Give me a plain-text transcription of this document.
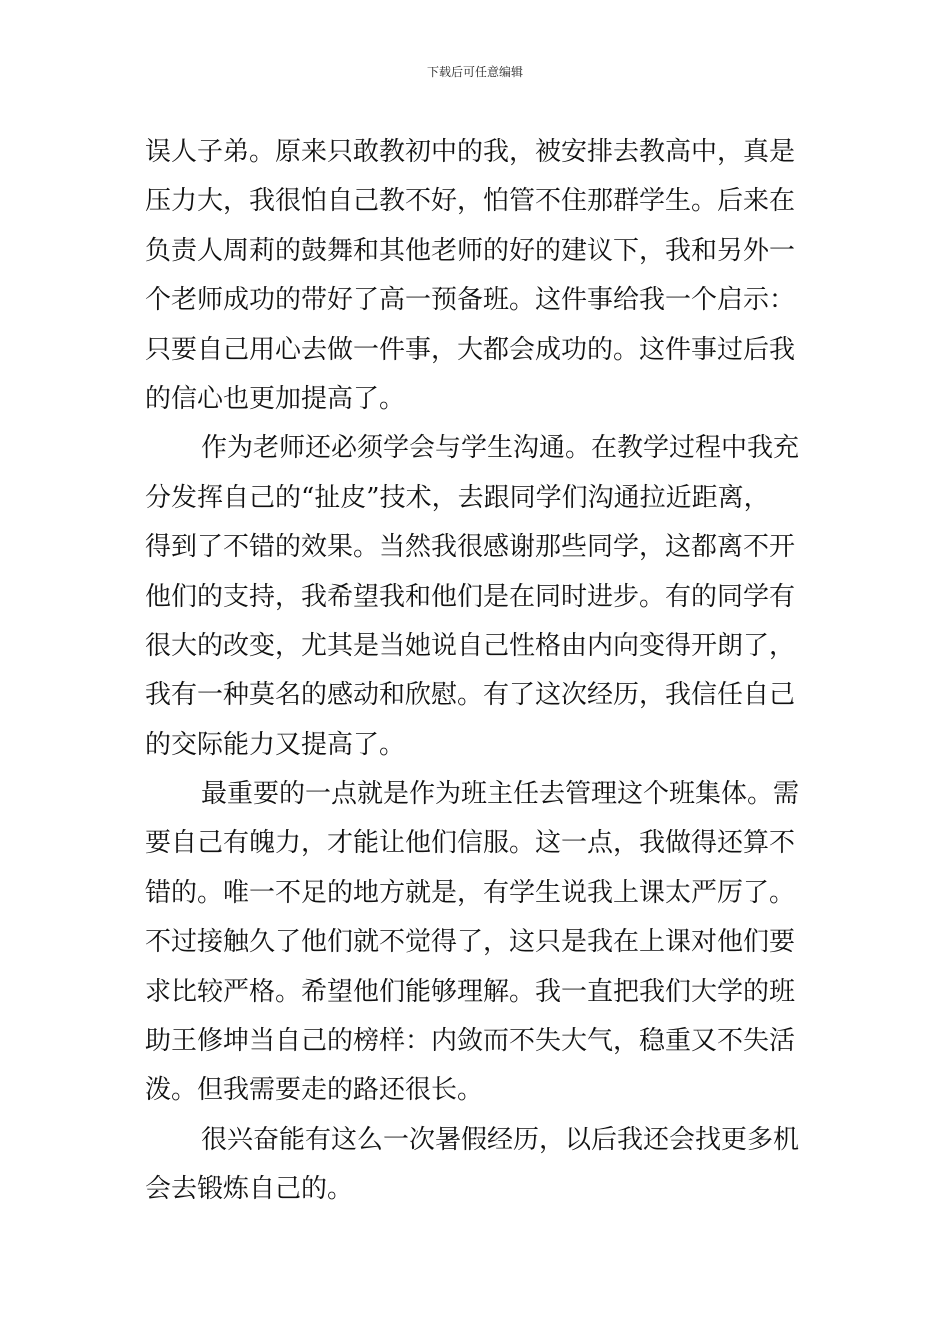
下载后可任意编辑
误人子弟。原来只敢教初中的我，被安排去教高中，真是
压力大，我很怕自己教不好，怕管不住那群学生。后来在
负责人周莉的鼓舞和其他老师的好的建议下，我和另外一
个老师成功的带好了高一预备班。这件事给我一个启示：
只要自己用心去做一件事，大都会成功的。这件事过后我
的信心也更加提高了。
作为老师还必须学会与学生沟通。在教学过程中我充
分发挥自己的“扯皮”技术，去跟同学们沟通拉近距离，
得到了不错的效果。当然我很感谢那些同学，这都离不开
他们的支持，我希望我和他们是在同时进步。有的同学有
很大的改变，尤其是当她说自己性格由内向变得开朗了，
我有一种莫名的感动和欣慰。有了这次经历，我信任自己
的交际能力又提高了。
最重要的一点就是作为班主任去管理这个班集体。需
要自己有魄力，才能让他们信服。这一点，我做得还算不
错的。唯一不足的地方就是，有学生说我上课太严厉了。
不过接触久了他们就不觉得了，这只是我在上课对他们要
求比较严格。希望他们能够理解。我一直把我们大学的班
助王修坤当自己的榜样：内敛而不失大气，稳重又不失活
泼。但我需要走的路还很长。
很兴奋能有这么一次暑假经历，以后我还会找更多机
会去锻炼自己的。
